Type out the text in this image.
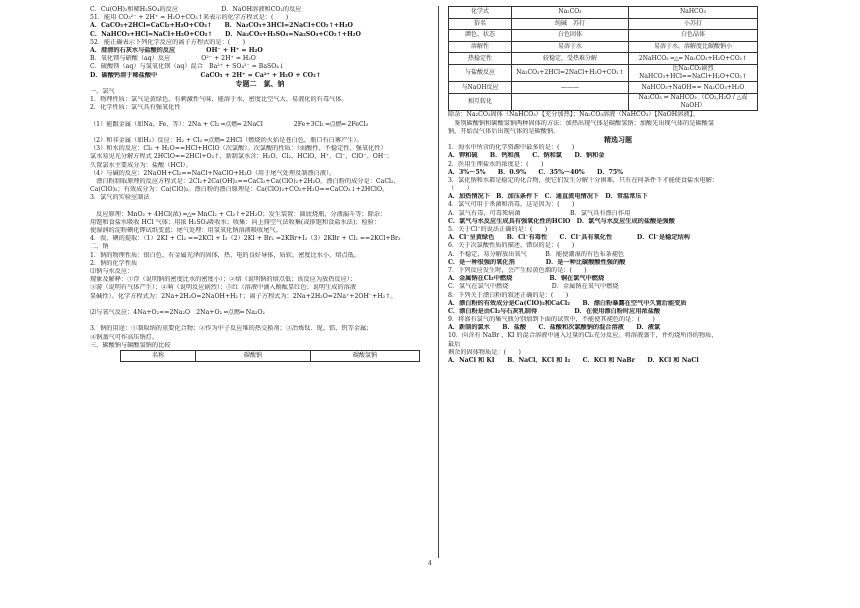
C．Cu(OH)₂和稀H₂SO₄的反应　　　　　　　D．NaOH溶液和CO₂的反应
51．能用 CO₃²⁻ + 2H⁺ = H₂O+CO₂↑来表示的化学方程式是：(　　)
A．CaCO₃+2HCl=CaCl₂+H₂O+CO₂↑　　B．Na₂CO₃+3HCl=2NaCl+CO₂↑+H₂O
C．NaHCO₃+HCl=NaCl+H₂O+CO₂↑　　D．Na₂CO₃+H₂SO₄=Na₂SO₄+CO₂↑+H₂O
52．能正确表示下列化学反应的离子方程式的是：(　　)
A．澄清的石灰水与盐酸的反应　　　　　OH⁻ + H⁺ = H₂O
B．氧化镁与硝酸（aq）反应　　　　　O²⁻ + 2H⁺ = H₂O
C．硫酸镁（aq）与氢氧化钡（aq）混合　Ba²⁺ + SO₄²⁻ = BaSO₄↓
D．碳酸钙溶于稀盐酸中　　　　　　　CaCO₃ + 2H⁺ = Ca²⁺ + H₂O + CO₂↑
专题二　氯、钠
一、氯气
1．物理性质：氯气是黄绿色、有刺激性气味、能溶于水、密度比空气大、易液化的有毒气体。
2．化学性质：氯气具有强氧化性
（1）能跟金属（如Na、Fe、等）：2Na + Cl₂ ═点燃═ 2NaCl　　　　　2Fe+3Cl₂ ═点燃═ 2FeCl₃
（2）和非金属（如H₂）反应：H₂ + Cl₂ ═点燃═ 2HCl（燃烧的火焰是苍白色，瓶口有白雾产生）。
（3）和水的反应：Cl₂ + H₂O==HCl+HClO（次氯酸）。次氯酸的性质：（弱酸性、不稳定性、强氧化性）
氯水易见光分解方程式 2HClO==2HCl+O₂↑，新制氯水含：H₂O、Cl₂、HClO、H⁺、Cl⁻、ClO⁻、OH⁻；
久置氯水主要成分为：盐酸（HCl）。
（4）与碱的反应：2NaOH+Cl₂==NaCl+NaClO+H₂O（用于尾气处理及制漂白液）。
　漂白粉制取原理的反应方程式是：2Cl₂+2Ca(OH)₂==CaCl₂+Ca(ClO)₂+2H₂O。漂白粉的成分是：CaCl₂、
Ca(ClO)₂；有效成分为：Ca(ClO)₂。漂白粉的漂白原理是：Ca(ClO)₂+CO₂+H₂O==CaCO₃↓+2HClO。
3．氯气的实验室制法
　反应原理：MnO₂ + 4HCl(浓) ═△═ MnCl₂ + Cl₂↑+2H₂O；发生装置：圆底烧瓶、分液漏斗等；除杂：
用饱和食盐水吸收 HCl 气体；用浓 H₂SO₄吸收水；收集：向上排空气法收集(或排饱和食盐水法)；检验：
使湿润的淀粉碘化钾试纸变蓝；尾气处理：用氢氧化钠溶液吸收尾气。
4．溴、碘的提取：（1）2KI + Cl₂ ==2KCl + I₂（2）2KI + Br₂ =2KBr+I₂（3）2KBr + Cl₂ ==2KCl+Br₂
二、钠
1．钠的物理性质：银白色、有金属光泽的固体，热、电的良好导体，质软、密度比水小、熔点低。
2．钠的化学性质
⑴钠与水反应：
现象及解释：①浮（说明钠的密度比水的密度小）；②熔（说明钠的熔点低；该反应为放热反应）；
③游（说明有气体产生）；④响（说明反应剧烈）；⑤红（溶液中滴入酚酞显红色；说明生成的溶液
显碱性）。化学方程式为：2Na+2H₂O=2NaOH+H₂↑；离子方程式为：2Na+2H₂O=2Na⁺+2OH⁻+H₂↑。
⑵与氧气反应：4Na+O₂==2Na₂O　2Na+O₂ ═点燃═ Na₂O₂
3．钠的用途：①制取纳的重要化合物；②作为中子反应堆的热交换剂；③冶炼钛、铌、锆、钒等金属；
④钠蒸气可作高压钠灯。
三、碳酸钠与碳酸氢钠的比较
名称	碳酸钠	碳酸氢钠
化学式	Na₂CO₃	NaHCO₃
俗名	纯碱　苏打	小苏打
颜色、状态	白色固体	白色晶体
溶解性	易溶于水	易溶于水，溶解度比碳酸钠小
热稳定性	较稳定，受热难分解	2NaHCO₃ ═△═ Na₂CO₃+H₂O+CO₂↑
与盐酸反应	Na₂CO₃+2HCl=2NaCl+H₂O+CO₂↑	比Na₂CO₃剧烈
NaHCO₃+HCl==NaCl+H₂O+CO₂↑
与NaOH反应	———	NaHCO₃+NaOH== Na₂CO₃+H₂O
相互转化		Na₂CO₃ ⇌ NaHCO₃ （CO₂,H₂O / △或NaOH）
除杂：Na₂CO₃固体（NaHCO₃）【充分加热】；Na₂CO₃溶液（NaHCO₃）【NaOH溶液】。
　鉴别碳酸钠和碳酸氢钠两种固体的方法：加热出现气体是碳酸氢钠；加酸先出现气体的是碳酸氢
钠，开始没气体后出现气体的是碳酸钠。
精选习题
1．海水中所含的化学资源中最多的是：(　　)
A．钾和硫　　B．钙和溴　　C．钠和氯　　D．钠和金
2．医用生理盐水的浓度是：(　　)
A．3%～5%　　B．0.9%　　C．35%～40%　　D．75%
3．氯化钠和水都是稳定的化合物，使它们发生分解十分困难，只有在何条件下才能使食盐水电解：
（　　）
A．加热情况下　B．加压条件下　C．通直流电情况下　D．常温常压下
4．氯气可用于杀菌和消毒，这是因为：(　　)
A．氯气有毒，可毒死病菌　　　　　　　　B．氯气具有漂白作用
C．氯气与水反应生成具有强氧化性的HClO　D．氯气与水反应生成的盐酸是强酸
5．关于Cl⁻的说法正确的是：(　　)
A．Cl⁻呈黄绿色　　B．Cl⁻有毒性　　C．Cl⁻具有氧化性　　　　D．Cl⁻是稳定结构
6．关于次氯酸性质的描述，错误的是：(　　)
A．不稳定，易分解放出氧气　　　B．能使潮湿的有色布条褪色
C．是一种很强的氧化剂　　　　　D．是一种比碳酸酸性强的酸
7．下列反应发生时，会产生棕黄色烟的是：(　　)
A．金属钠在Cl₂中燃烧　　　　　　B．铜在氯气中燃烧
C．氢气在氯气中燃烧　　　　　　　D．金属钠在氧气中燃烧
8．下列关于漂白粉的叙述正确的是：(　　)
A．漂白粉的有效成分是Ca(ClO)₂和CaCl₂　　B．漂白粉暴露在空气中久置后能变质
C．漂白粉是由Cl₂与石灰乳制得　　　　　　D．在使用漂白粉时应用浓盐酸
9．将盛有氯气的集气瓶分别加到下面的试管中，不能使其褪色的是：(　　)
A．新制的氯水　　B．盐酸　　C．盐酸和次氯酸钠的混合溶液　　D．液氯
10．向含有 NaBr 、KI 的混合溶液中通入过量的Cl₂充分反应。将溶液蒸干，并灼烧所得的物质，
最后
剩余的固体物质是：(　　)
A．NaCl 和 KI　　B．NaCl、KCl 和 I₂　　C．KCl 和 NaBr　　D．KCl 和 NaCl
4
